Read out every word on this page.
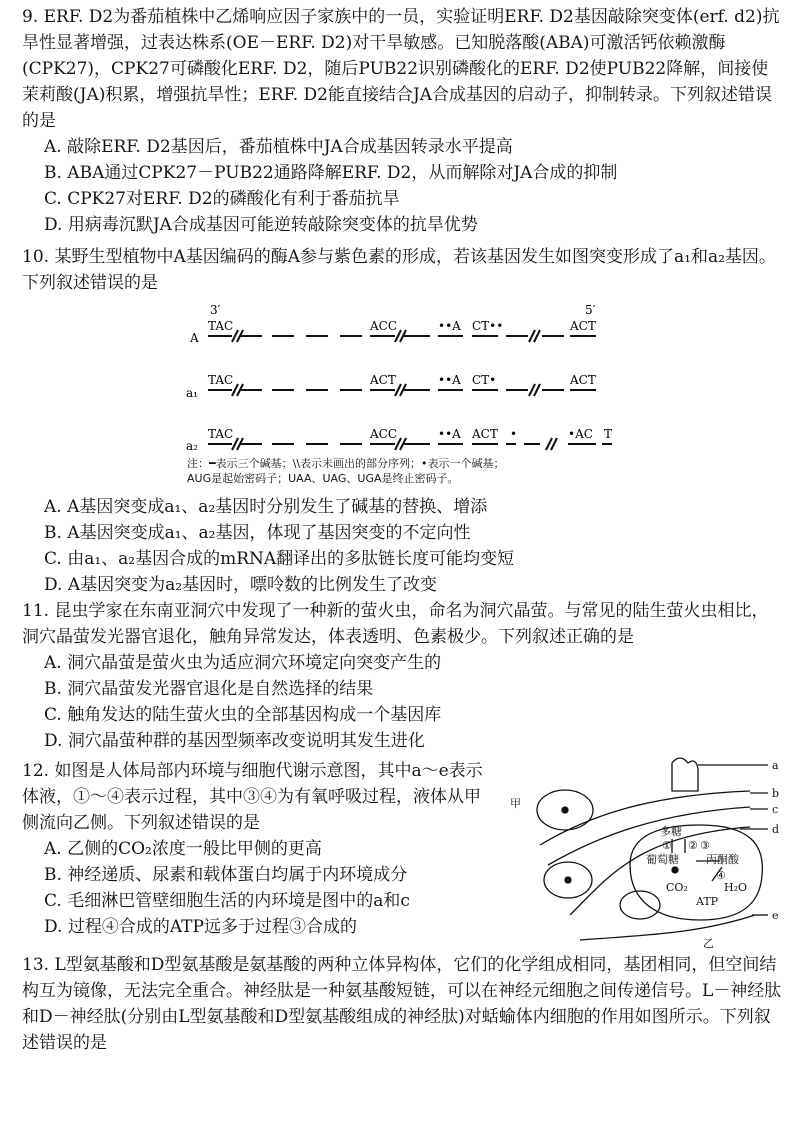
9. ERF. D2为番茄植株中乙烯响应因子家族中的一员，实验证明ERF. D2基因敲除突变体(erf. d2)抗旱性显著增强，过表达株系(OE－ERF. D2)对干旱敏感。已知脱落酸(ABA)可激活钙依赖激酶(CPK27)，CPK27可磷酸化ERF. D2，随后PUB22识别磷酸化的ERF. D2使PUB22降解，间接使茉莉酸(JA)积累，增强抗旱性；ERF. D2能直接结合JA合成基因的启动子，抑制转录。下列叙述错误的是

A. 敲除ERF. D2基因后，番茄植株中JA合成基因转录水平提高

B. ABA通过CPK27－PUB22通路降解ERF. D2，从而解除对JA合成的抑制

C. CPK27对ERF. D2的磷酸化有利于番茄抗旱

D. 用病毒沉默JA合成基因可能逆转敲除突变体的抗旱优势

10. 某野生型植物中A基因编码的酶A参与紫色素的形成，若该基因发生如图突变形成了a₁和a₂基因。下列叙述错误的是

3′	5′
A
TAC	ACC	••A CT••	ACT
a₁
TAC	ACT	••A CT•	ACT
a₂
TAC	ACC	••A ACT •	•AC T
注：━表示三个碱基；\\表示未画出的部分序列；•表示一个碱基；
AUG是起始密码子；UAA、UAG、UGA是终止密码子。

A. A基因突变成a₁、a₂基因时分别发生了碱基的替换、增添

B. A基因突变成a₁、a₂基因，体现了基因突变的不定向性

C. 由a₁、a₂基因合成的mRNA翻译出的多肽链长度可能均变短

D. A基因突变为a₂基因时，嘌呤数的比例发生了改变

11. 昆虫学家在东南亚洞穴中发现了一种新的萤火虫，命名为洞穴晶萤。与常见的陆生萤火虫相比，洞穴晶萤发光器官退化，触角异常发达，体表透明、色素极少。下列叙述正确的是

A. 洞穴晶萤是萤火虫为适应洞穴环境定向突变产生的

B. 洞穴晶萤发光器官退化是自然选择的结果

C. 触角发达的陆生萤火虫的全部基因构成一个基因库

D. 洞穴晶萤种群的基因型频率改变说明其发生进化

12. 如图是人体局部内环境与细胞代谢示意图，其中a～e表示体液，①～④表示过程，其中③④为有氧呼吸过程，液体从甲侧流向乙侧。下列叙述错误的是

A. 乙侧的CO₂浓度一般比甲侧的更高

B. 神经递质、尿素和载体蛋白均属于内环境成分

C. 毛细淋巴管壁细胞生活的内环境是图中的a和c

D. 过程④合成的ATP远多于过程③合成的

甲
乙
a
b
c
d
e
多糖
葡萄糖 丙酮酸
CO₂	H₂O
ATP
① ② ③
④

13. L型氨基酸和D型氨基酸是氨基酸的两种立体异构体，它们的化学组成相同，基团相同，但空间结构互为镜像，无法完全重合。神经肽是一种氨基酸短链，可以在神经元细胞之间传递信号。L－神经肽和D－神经肽(分别由L型氨基酸和D型氨基酸组成的神经肽)对蛞蝓体内细胞的作用如图所示。下列叙述错误的是
